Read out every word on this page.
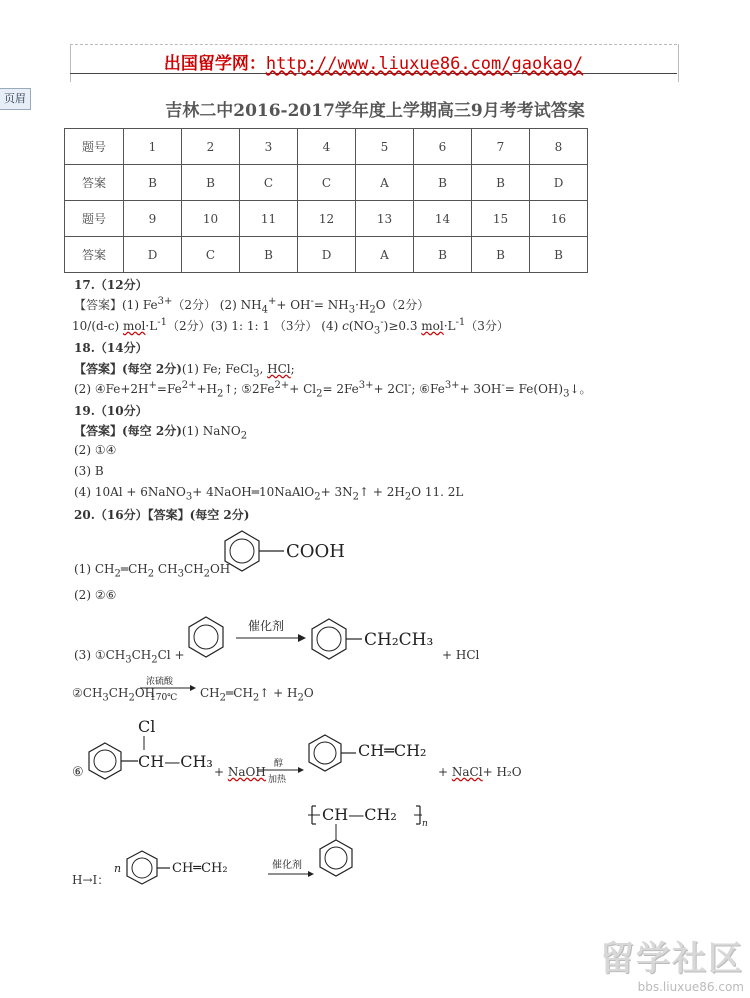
出国留学网：http://www.liuxue86.com/gaokao/
页眉
吉林二中2016-2017学年度上学期高三9月考考试答案
题号	1	2	3	4	5	6	7	8
答案	B	B	C	C	A	B	B	D
题号	9	10	11	12	13	14	15	16
答案	D	C	B	D	A	B	B	B
17.（12分）
【答案】(1) $Fe^{3+}(2$分） (2) $NH_4^++ OH^-= NH_3\cdot H_2O(2$分）
10/(d-c) $mol\cdot L^{-1}(2$分）(3) 1: 1: 1 （3分） (4) $c(NO_3^-)\ge 0.3$ $mol\cdot L^{-1}(3$分）
18.（14分）
【答案】(每空 2分)(1) Fe; FeCl$_3$, HCl;
(2) $④Fe+2H^+=Fe^{2+}+H_2↑$; $⑤2Fe^{2+}+ Cl_2= 2Fe^{3+}+ 2Cl^-$; $⑥Fe^{3+}+ 3OH^-=$ $Fe(OH)_3↓$。
19.（10分）
【答案】(每空 2分)(1) NaNO$_2$
(2) ①④
(3) B
(4) 10Al + 6NaNO$_3$+ 4NaOH═10NaAlO$_2$+ $3N_2↑ + 2H_2O$ 11. 2L
20.（16分）【答案】(每空 2分)
(1) $CH_2═CH_2$ $CH_3CH_2OH$
COOH
(2) ②⑥
(3) $①CH_3CH_2Cl$ +
催化剂
CH₂CH₃
+ HCl
$②CH_3CH_2OH$
浓硫酸
170℃ $CH_2═CH_2↑ + H_2O$
⑥
Cl
CH—CH₃
+ NaOH
醇
加热
CH═CH₂
+ NaCl+ H₂O
CH—CH₂	n
H→I：
n	CH═CH₂	催化剂
留学社区
bbs.liuxue86.com
